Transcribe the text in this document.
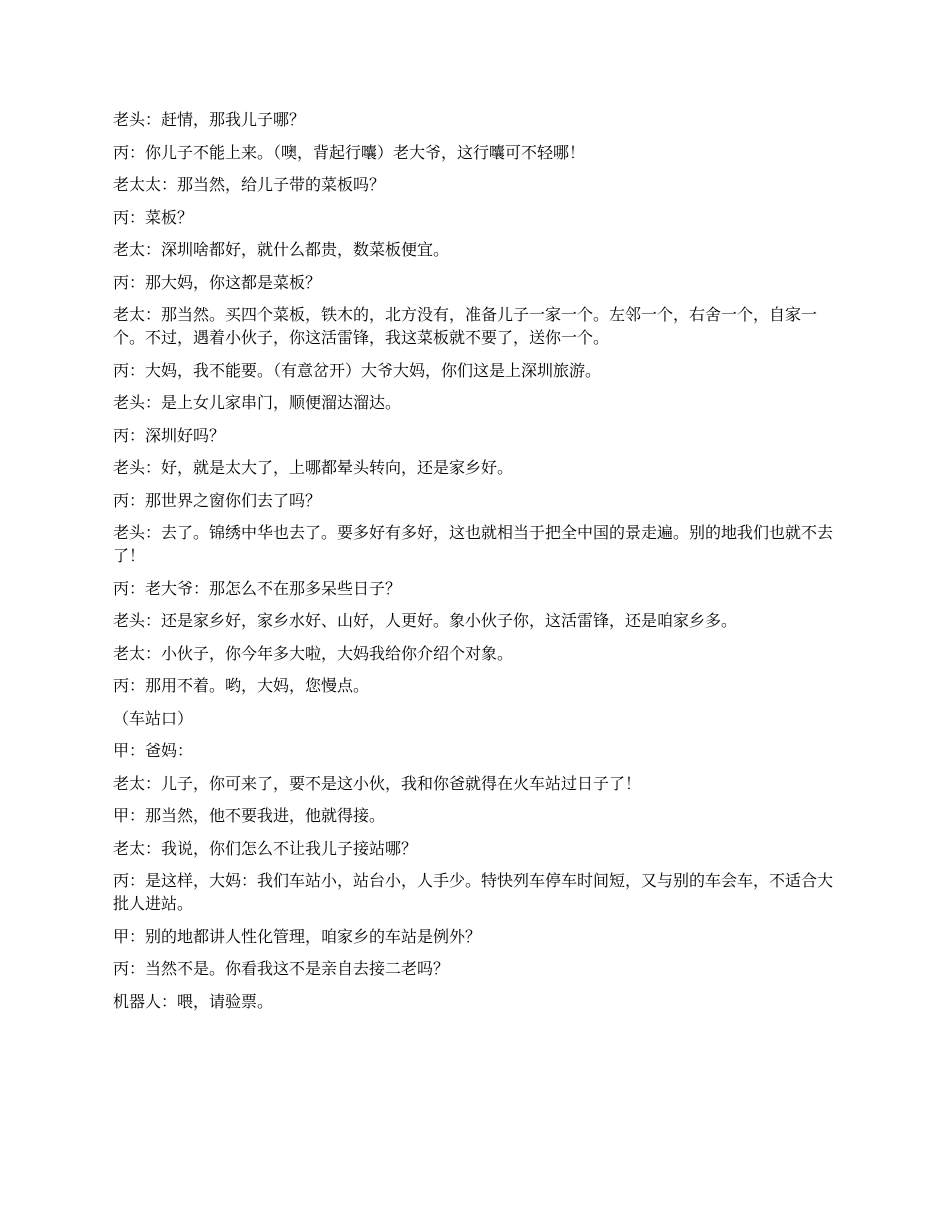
老头：赶情，那我儿子哪？

丙：你儿子不能上来。（噢，背起行囔）老大爷，这行囔可不轻哪！

老太太：那当然，给儿子带的菜板吗？

丙：菜板？

老太：深圳啥都好，就什么都贵，数菜板便宜。

丙：那大妈，你这都是菜板？

老太：那当然。买四个菜板，铁木的，北方没有，准备儿子一家一个。左邻一个，右舍一个，自家一个。不过，遇着小伙子，你这活雷锋，我这菜板就不要了，送你一个。

丙：大妈，我不能要。（有意岔开）大爷大妈，你们这是上深圳旅游。

老头：是上女儿家串门，顺便溜达溜达。

丙：深圳好吗？

老头：好，就是太大了，上哪都晕头转向，还是家乡好。

丙：那世界之窗你们去了吗？

老头：去了。锦绣中华也去了。要多好有多好，这也就相当于把全中国的景走遍。别的地我们也就不去了！

丙：老大爷：那怎么不在那多呆些日子？

老头：还是家乡好，家乡水好、山好，人更好。象小伙子你，这活雷锋，还是咱家乡多。

老太：小伙子，你今年多大啦，大妈我给你介绍个对象。

丙：那用不着。哟，大妈，您慢点。

（车站口）

甲：爸妈：

老太：儿子，你可来了，要不是这小伙，我和你爸就得在火车站过日子了！

甲：那当然，他不要我进，他就得接。

老太：我说，你们怎么不让我儿子接站哪？

丙：是这样，大妈：我们车站小，站台小，人手少。特快列车停车时间短，又与别的车会车，不适合大批人进站。

甲：别的地都讲人性化管理，咱家乡的车站是例外？

丙：当然不是。你看我这不是亲自去接二老吗？

机器人：喂，请验票。
